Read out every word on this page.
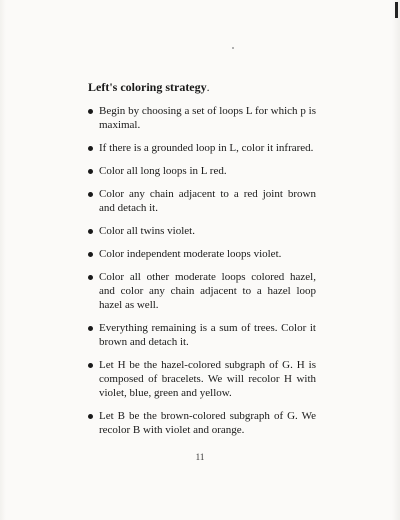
Left's coloring strategy.
Begin by choosing a set of loops L for which p is maximal.
If there is a grounded loop in L, color it infrared.
Color all long loops in L red.
Color any chain adjacent to a red joint brown and detach it.
Color all twins violet.
Color independent moderate loops violet.
Color all other moderate loops colored hazel, and color any chain adjacent to a hazel loop hazel as well.
Everything remaining is a sum of trees. Color it brown and detach it.
Let H be the hazel-colored subgraph of G. H is composed of bracelets. We will recolor H with violet, blue, green and yellow.
Let B be the brown-colored subgraph of G. We recolor B with violet and orange.
11
